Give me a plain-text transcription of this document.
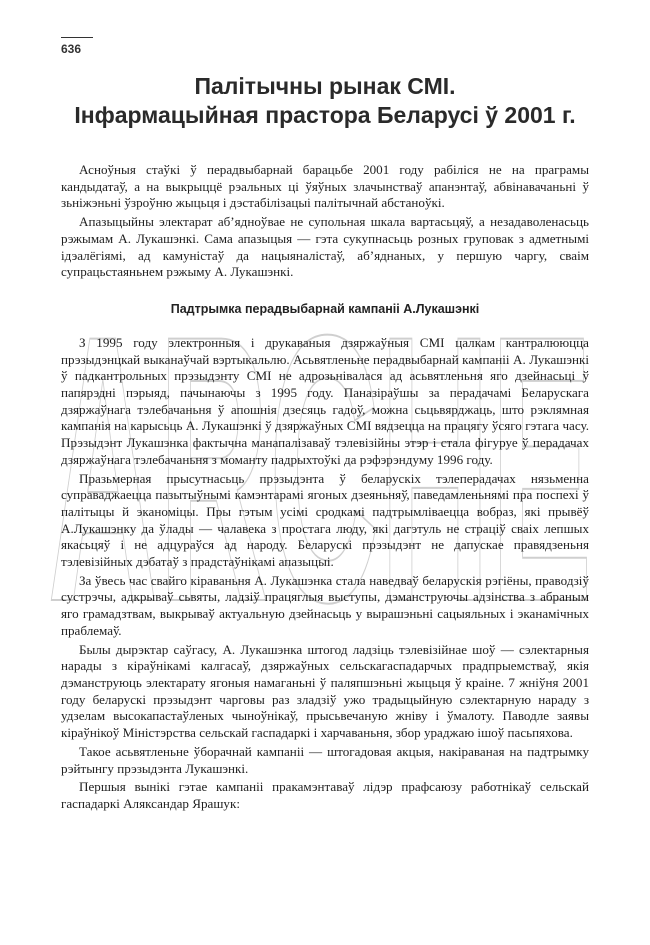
636
Палітычны рынак СМІ.
Інфармацыйная прастора Беларусі ў 2001 г.
ARCHE

Асноўныя стаўкі ў перадвыбарнай барацьбе 2001 году рабіліся не на праграмы кандыдатаў, а на выкрыццё рэальных ці ўяўных злачынстваў апанэнтаў, абвінавачаньні ў зьніжэньні ўзроўню жыцьця і дэстабілізацыі палітычнай абстаноўкі.

Апазыцыйны электарат аб’ядноўвае не супольная шкала вартасьцяў, а незадаволенасьць рэжымам А. Лукашэнкі. Сама апазыцыя — гэта сукупнасьць розных груповак з адметнымі ідэалёгіямі, ад камуністаў да нацыяналістаў, аб’яднаных, у першую чаргу, сваім супрацьстаяньнем рэжыму А. Лукашэнкі.

Падтрымка перадвыбарнай кампаніі А.Лукашэнкі

З 1995 году электронныя і друкаваныя дзяржаўныя СМІ цалкам кантралююцца прэзыдэнцкай выканаўчай вэртыкальлю. Асьвятленьне перадвыбарнай кампаніі А. Лукашэнкі ў падкантрольных прэзыдэнту СМІ не адрозьнівалася ад асьвятленьня яго дзейнасьці ў папярэдні пэрыяд, пачынаючы з 1995 году. Паназіраўшы за перадачамі Беларускага дзяржаўнага тэлебачаньня ў апошнія дзесяць гадоў, можна сьцьвярджаць, што рэклямная кампанія на карысьць А. Лукашэнкі ў дзяржаўных СМІ вядзецца на працягу ўсяго гэтага часу. Прэзыдэнт Лукашэнка фактычна манапалізаваў тэлевізійны этэр і стала фігуруе ў перадачах дзяржаўнага тэлебачаньня з моманту падрыхтоўкі да рэфэрэндуму 1996 году.

Празьмерная прысутнасьць прэзыдэнта ў беларускіх тэлеперадачах нязьменна суправаджаецца пазытыўнымі камэнтарамі ягоных дзеяньняў, паведамленьнямі пра поспехі ў палітыцы й эканоміцы. Пры гэтым усімі сродкамі падтрымліваецца вобраз, які прывёў А.Лукашэнку да ўлады — чалавека з простага люду, які дагэтуль не страціў сваіх лепшых якасьцяў і не адцураўся ад народу. Беларускі прэзыдэнт не дапускае правядзеньня тэлевізійных дэбатаў з прадстаўнікамі апазыцыі.

За ўвесь час свайго кіраваньня А. Лукашэнка стала наведваў беларускія рэгіёны, праводзіў сустрэчы, адкрываў сьвяты, ладзіў працяглыя выступы, дэманструючы адзінства з абраным яго грамадзтвам, выкрываў актуальную дзейнасьць у вырашэньні сацыяльных і эканамічных праблемаў.

Былы дырэктар саўгасу, А. Лукашэнка штогод ладзіць тэлевізійнае шоў — сэлектарныя нарады з кіраўнікамі калгасаў, дзяржаўных сельскагаспадарчых прадпрыемстваў, якія дэманструюць электарату ягоныя намаганьні ў паляпшэньні жыцьця ў краіне. 7 жніўня 2001 году беларускі прэзыдэнт чарговы раз зладзіў ужо традыцыйную сэлектарную нараду з удзелам высокапастаўленых чыноўнікаў, прысьвечаную жніву і ўмалоту. Паводле заявы кіраўнікоў Міністэрства сельскай гаспадаркі і харчаваньня, збор ураджаю ішоў пасьпяхова.

Такое асьвятленьне ўборачнай кампаніі — штогадовая акцыя, накіраваная на падтрымку рэйтынгу прэзыдэнта Лукашэнкі.

Першыя вынікі гэтае кампаніі пракамэнтаваў лідэр прафсаюзу работнікаў сельскай гаспадаркі Аляксандар Ярашук:
